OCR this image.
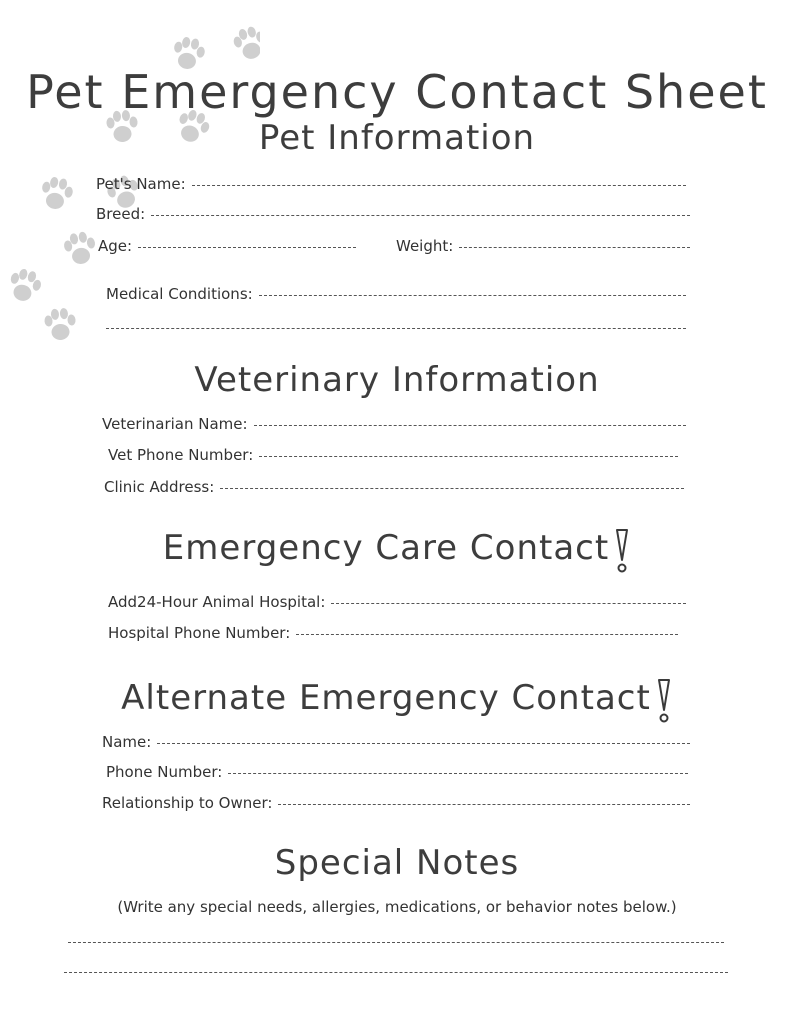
Pet Emergency Contact Sheet
Pet Information
Pet's Name:
Breed:
Age:	Weight:
Medical Conditions:
Veterinary Information
Veterinarian Name:
Vet Phone Number:
Clinic Address:
Emergency Care Contact
Add24-Hour Animal Hospital:
Hospital Phone Number:
Alternate Emergency Contact
Name:
Phone Number:
Relationship to Owner:
Special Notes
(Write any special needs, allergies, medications, or behavior notes below.)
